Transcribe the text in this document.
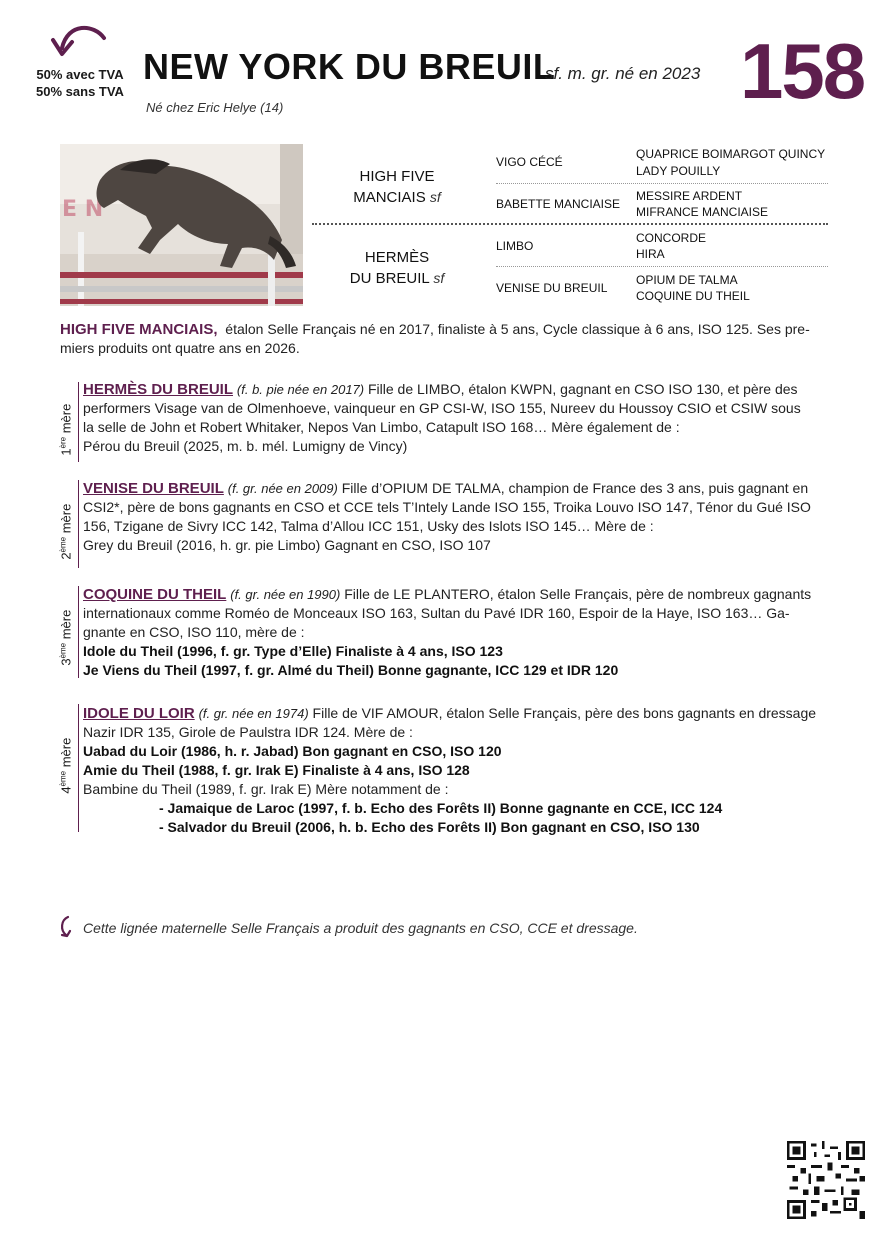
50% avec TVA
50% sans TVA
NEW YORK DU BREUIL
sf. m. gr. né en 2023 158
Né chez Eric Helye (14)
E N
HIGH FIVE
MANCIAIS sf
HERMÈS
DU BREUIL sf
VIGO CÉCÉ
BABETTE MANCIAISE
LIMBO
VENISE DU BREUIL
QUAPRICE BOIMARGOT QUINCY
LADY POUILLY
MESSIRE ARDENT
MIFRANCE MANCIAISE
CONCORDE
HIRA
OPIUM DE TALMA
COQUINE DU THEIL
HIGH FIVE MANCIAIS, étalon Selle Français né en 2017, finaliste à 5 ans, Cycle classique à 6 ans, ISO 125. Ses pre-
miers produits ont quatre ans en 2026.
1ère mère
HERMÈS DU BREUIL (f. b. pie née en 2017) Fille de LIMBO, étalon KWPN, gagnant en CSO ISO 130, et père des
performers Visage van de Olmenhoeve, vainqueur en GP CSI-W, ISO 155, Nureev du Houssoy CSIO et CSIW sous
la selle de John et Robert Whitaker, Nepos Van Limbo, Catapult ISO 168… Mère également de :
Pérou du Breuil (2025, m. b. mél. Lumigny de Vincy)
2ème mère
VENISE DU BREUIL (f. gr. née en 2009) Fille d’OPIUM DE TALMA, champion de France des 3 ans, puis gagnant en
CSI2*, père de bons gagnants en CSO et CCE tels T’Intely Lande ISO 155, Troika Louvo ISO 147, Ténor du Gué ISO
156, Tzigane de Sivry ICC 142, Talma d’Allou ICC 151, Usky des Islots ISO 145… Mère de :
Grey du Breuil (2016, h. gr. pie Limbo) Gagnant en CSO, ISO 107
3ème mère
COQUINE DU THEIL (f. gr. née en 1990) Fille de LE PLANTERO, étalon Selle Français, père de nombreux gagnants
internationaux comme Roméo de Monceaux ISO 163, Sultan du Pavé IDR 160, Espoir de la Haye, ISO 163… Ga-
gnante en CSO, ISO 110, mère de :
Idole du Theil (1996, f. gr. Type d’Elle) Finaliste à 4 ans, ISO 123
Je Viens du Theil (1997, f. gr. Almé du Theil) Bonne gagnante, ICC 129 et IDR 120
4ème mère
IDOLE DU LOIR (f. gr. née en 1974) Fille de VIF AMOUR, étalon Selle Français, père des bons gagnants en dressage
Nazir IDR 135, Girole de Paulstra IDR 124. Mère de :
Uabad du Loir (1986, h. r. Jabad) Bon gagnant en CSO, ISO 120
Amie du Theil (1988, f. gr. Irak E) Finaliste à 4 ans, ISO 128
Bambine du Theil (1989, f. gr. Irak E) Mère notamment de :
- Jamaique de Laroc (1997, f. b. Echo des Forêts II) Bonne gagnante en CCE, ICC 124
- Salvador du Breuil (2006, h. b. Echo des Forêts II) Bon gagnant en CSO, ISO 130
Cette lignée maternelle Selle Français a produit des gagnants en CSO, CCE et dressage.
